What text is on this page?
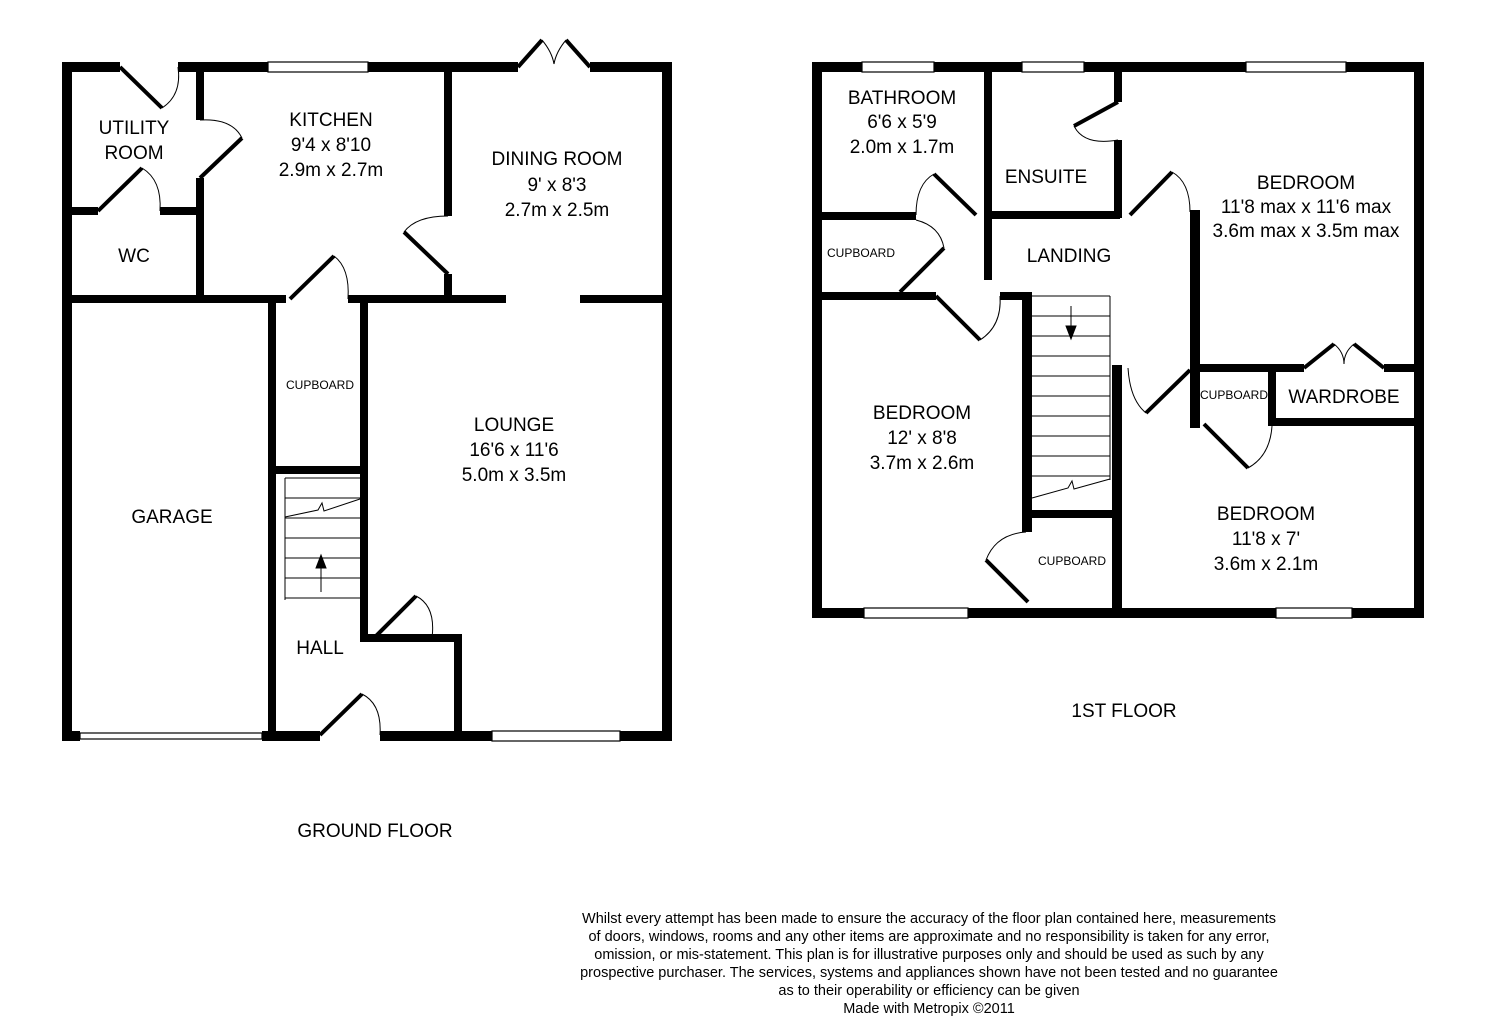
UTILITY
ROOM
KITCHEN
9'4 x 8'10
2.9m x 2.7m
DINING ROOM
9' x 8'3
2.7m x 2.5m
WC
CUPBOARD
LOUNGE
16'6 x 11'6
5.0m x 3.5m
GARAGE
HALL
GROUND FLOOR
BATHROOM
6'6 x 5'9
2.0m x 1.7m
ENSUITE	BEDROOM
11'8 max x 11'6 max
3.6m max x 3.5m max
LANDING
CUPBOARD
BEDROOM
12' x 8'8
3.7m x 2.6m
CUPBOARD WARDROBE
BEDROOM
11'8 x 7'
3.6m x 2.1m
CUPBOARD
1ST FLOOR
Whilst every attempt has been made to ensure the accuracy of the floor plan contained here, measurements
of doors, windows, rooms and any other items are approximate and no responsibility is taken for any error,
omission, or mis-statement. This plan is for illustrative purposes only and should be used as such by any
prospective purchaser. The services, systems and appliances shown have not been tested and no guarantee
as to their operability or efficiency can be given
Made with Metropix ©2011
